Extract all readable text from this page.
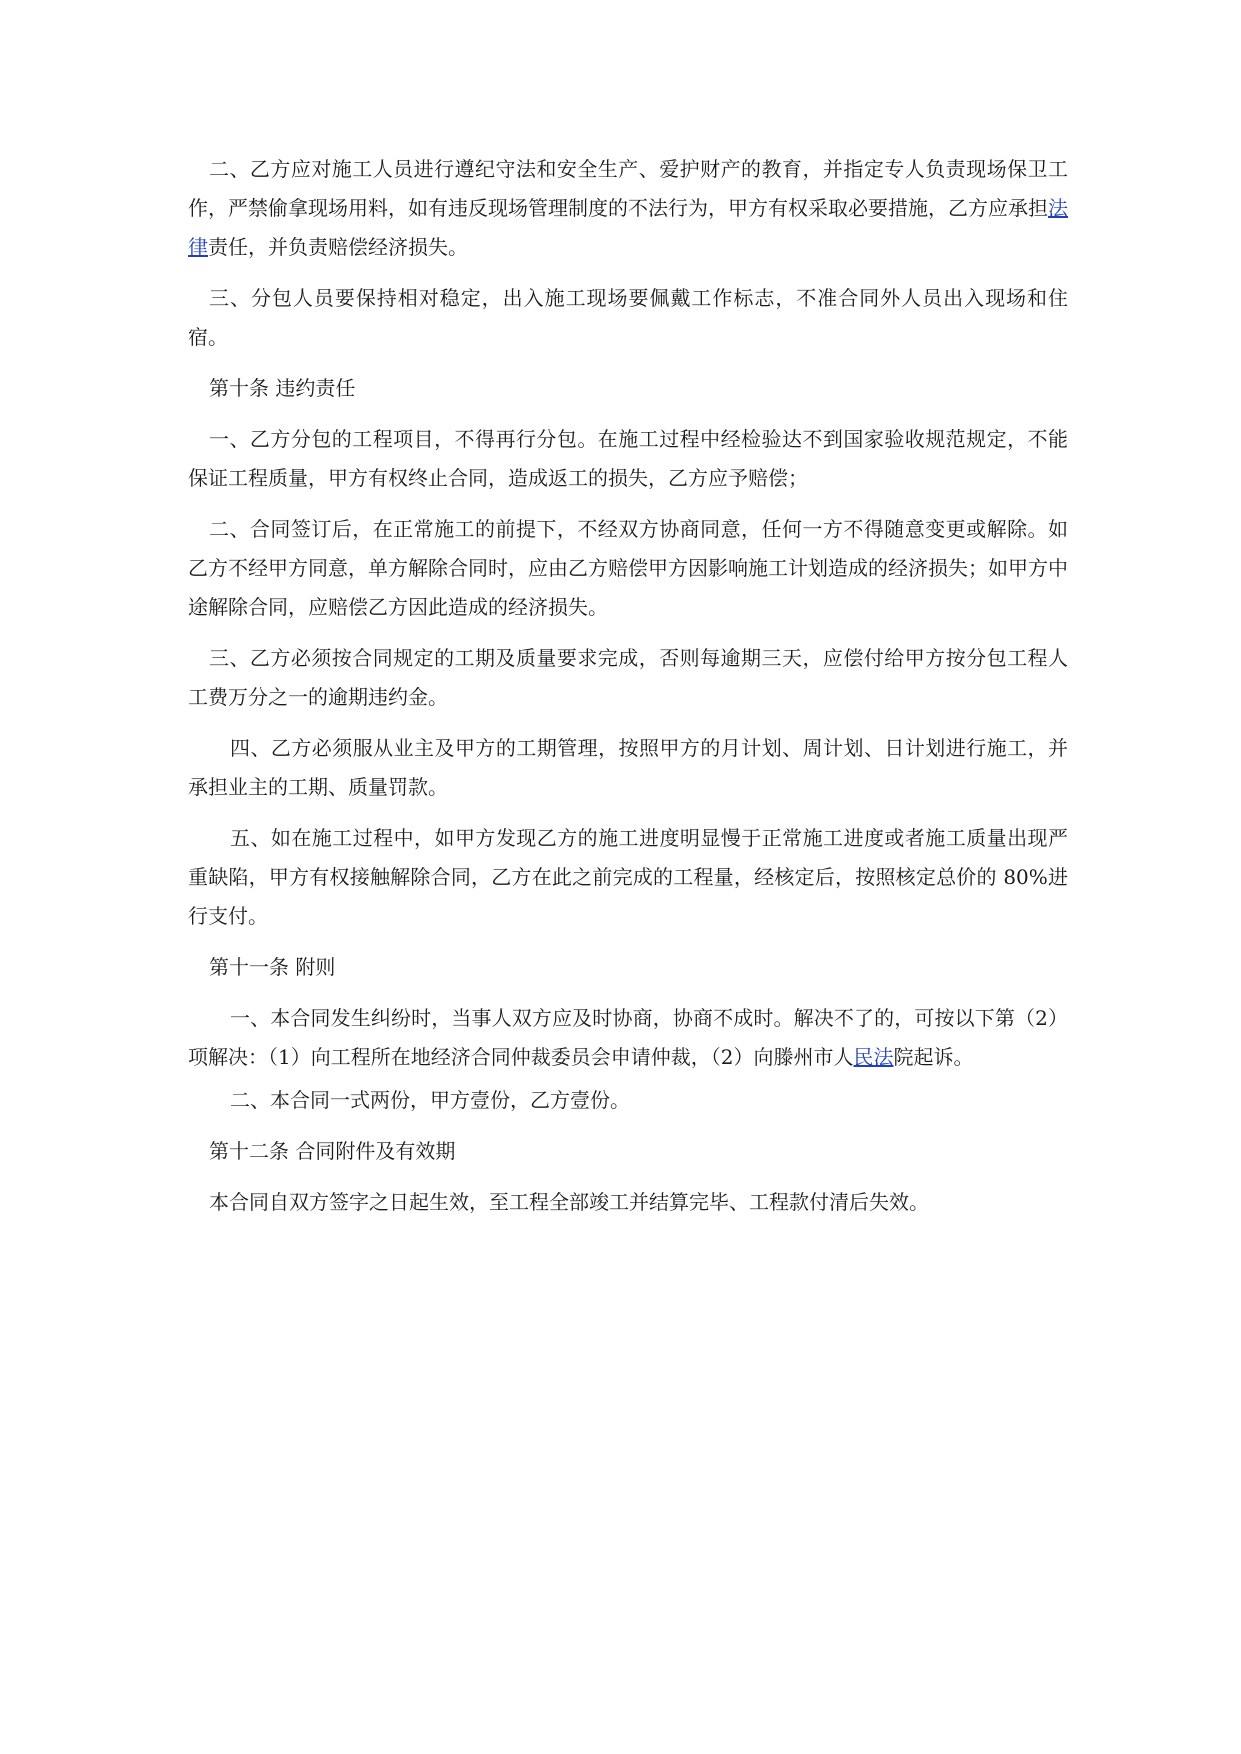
二、乙方应对施工人员进行遵纪守法和安全生产、爱护财产的教育，并指定专人负责现场保卫工作，严禁偷拿现场用料，如有违反现场管理制度的不法行为，甲方有权采取必要措施，乙方应承担法律责任，并负责赔偿经济损失。

三、分包人员要保持相对稳定，出入施工现场要佩戴工作标志，不准合同外人员出入现场和住宿。

第十条 违约责任

一、乙方分包的工程项目，不得再行分包。在施工过程中经检验达不到国家验收规范规定，不能保证工程质量，甲方有权终止合同，造成返工的损失，乙方应予赔偿；

二、合同签订后，在正常施工的前提下，不经双方协商同意，任何一方不得随意变更或解除。如乙方不经甲方同意，单方解除合同时，应由乙方赔偿甲方因影响施工计划造成的经济损失；如甲方中途解除合同，应赔偿乙方因此造成的经济损失。

三、乙方必须按合同规定的工期及质量要求完成，否则每逾期三天，应偿付给甲方按分包工程人工费万分之一的逾期违约金。

四、乙方必须服从业主及甲方的工期管理，按照甲方的月计划、周计划、日计划进行施工，并承担业主的工期、质量罚款。

五、如在施工过程中，如甲方发现乙方的施工进度明显慢于正常施工进度或者施工质量出现严重缺陷，甲方有权接触解除合同，乙方在此之前完成的工程量，经核定后，按照核定总价的 80%进行支付。

第十一条 附则

一、本合同发生纠纷时，当事人双方应及时协商，协商不成时。解决不了的，可按以下第（2）项解决：（1）向工程所在地经济合同仲裁委员会申请仲裁，（2）向滕州市人民法院起诉。

二、本合同一式两份，甲方壹份，乙方壹份。

第十二条 合同附件及有效期

本合同自双方签字之日起生效，至工程全部竣工并结算完毕、工程款付清后失效。
